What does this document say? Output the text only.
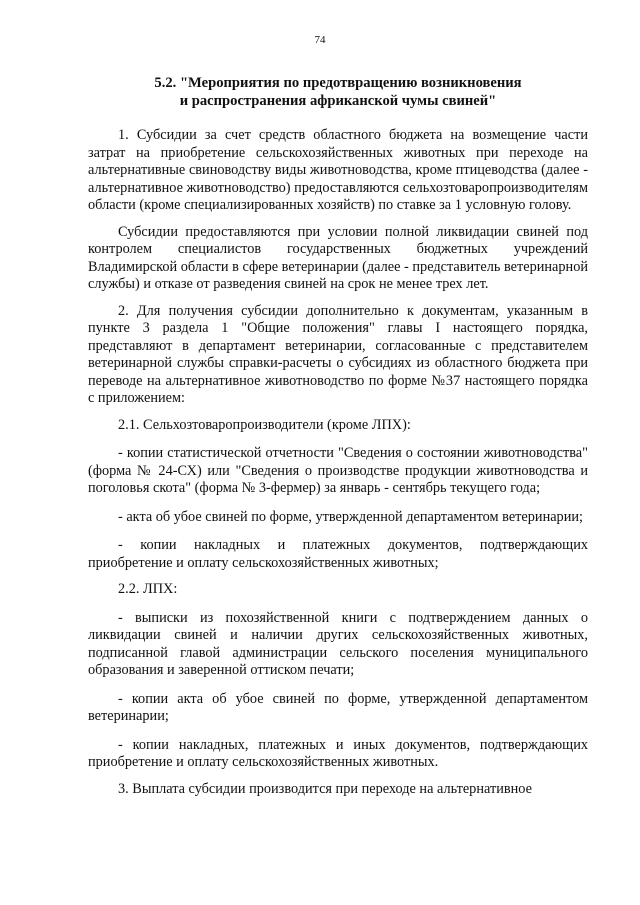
74
5.2. "Мероприятия по предотвращению возникновения
и распространения африканской чумы свиней"

1. Субсидии за счет средств областного бюджета на возмещение части затрат на приобретение сельскохозяйственных животных при переходе на альтернативные свиноводству виды животноводства, кроме птицеводства (далее - альтернативное животноводство) предоставляются сельхозтоваропроизводителям области (кроме специализированных хозяйств) по ставке за 1 условную голову.

Субсидии предоставляются при условии полной ликвидации свиней под контролем специалистов государственных бюджетных учреждений Владимирской области в сфере ветеринарии (далее - представитель ветеринарной службы) и отказе от разведения свиней на срок не менее трех лет.

2. Для получения субсидии дополнительно к документам, указанным в пункте 3 раздела 1 "Общие положения" главы I настоящего порядка, представляют в департамент ветеринарии, согласованные с представителем ветеринарной службы справки-расчеты о субсидиях из областного бюджета при переводе на альтернативное животноводство по форме №37 настоящего порядка с приложением:

2.1. Сельхозтоваропроизводители (кроме ЛПХ):

- копии статистической отчетности "Сведения о состоянии животноводства" (форма № 24-СХ) или "Сведения о производстве продукции животноводства и поголовья скота" (форма № 3-фермер) за январь - сентябрь текущего года;

- акта об убое свиней по форме, утвержденной департаментом ветеринарии;

- копии накладных и платежных документов, подтверждающих приобретение и оплату сельскохозяйственных животных;

2.2. ЛПХ:

- выписки из похозяйственной книги с подтверждением данных о ликвидации свиней и наличии других сельскохозяйственных животных, подписанной главой администрации сельского поселения муниципального образования и заверенной оттиском печати;

- копии акта об убое свиней по форме, утвержденной департаментом ветеринарии;

- копии накладных, платежных и иных документов, подтверждающих приобретение и оплату сельскохозяйственных животных.

3. Выплата субсидии производится при переходе на альтернативное
